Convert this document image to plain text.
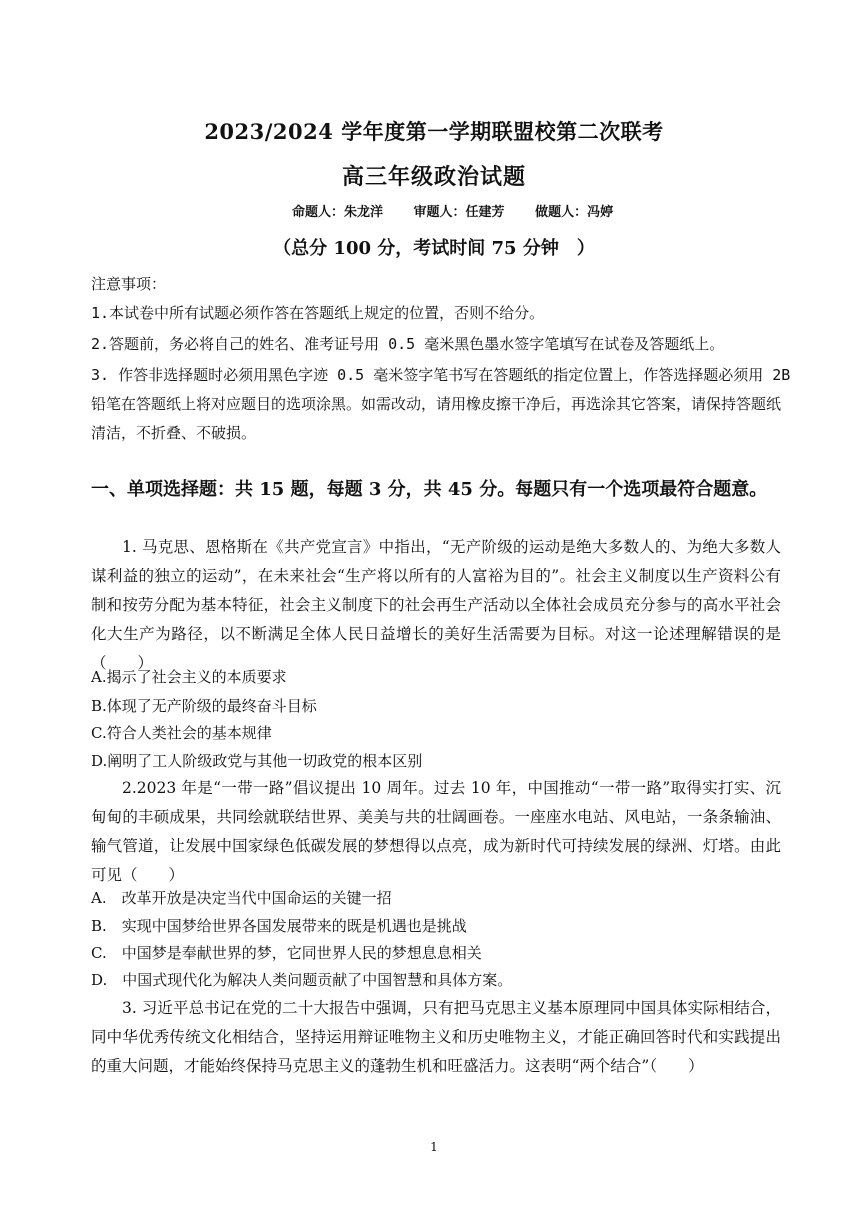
2023/2024 学年度第一学期联盟校第二次联考
高三年级政治试题
命题人：朱龙洋 审题人：任建芳 做题人：冯婷
（总分 100 分，考试时间 75 分钟　）
注意事项：
1.本试卷中所有试题必须作答在答题纸上规定的位置，否则不给分。
2.答题前，务必将自己的姓名、准考证号用 0.5 毫米黑色墨水签字笔填写在试卷及答题纸上。
3. 作答非选择题时必须用黑色字迹 0.5 毫米签字笔书写在答题纸的指定位置上，作答选择题必须用 2B 铅笔在答题纸上将对应题目的选项涂黑。如需改动，请用橡皮擦干净后，再选涂其它答案，请保持答题纸清洁，不折叠、不破损。
一、单项选择题：共 15 题，每题 3 分，共 45 分。每题只有一个选项最符合题意。
1. 马克思、恩格斯在《共产党宣言》中指出，“无产阶级的运动是绝大多数人的、为绝大多数人谋利益的独立的运动”，在未来社会“生产将以所有的人富裕为目的”。社会主义制度以生产资料公有制和按劳分配为基本特征，社会主义制度下的社会再生产活动以全体社会成员充分参与的高水平社会化大生产为路径，以不断满足全体人民日益增长的美好生活需要为目标。对这一论述理解错误的是（　　）
A.揭示了社会主义的本质要求
B.体现了无产阶级的最终奋斗目标
C.符合人类社会的基本规律
D.阐明了工人阶级政党与其他一切政党的根本区别
2.2023 年是“一带一路”倡议提出 10 周年。过去 10 年，中国推动“一带一路”取得实打实、沉甸甸的丰硕成果，共同绘就联结世界、美美与共的壮阔画卷。一座座水电站、风电站，一条条输油、输气管道，让发展中国家绿色低碳发展的梦想得以点亮，成为新时代可持续发展的绿洲、灯塔。由此可见（　　）
A.　改革开放是决定当代中国命运的关键一招
B.　实现中国梦给世界各国发展带来的既是机遇也是挑战
C.　中国梦是奉献世界的梦，它同世界人民的梦想息息相关
D.　中国式现代化为解决人类问题贡献了中国智慧和具体方案。
3. 习近平总书记在党的二十大报告中强调，只有把马克思主义基本原理同中国具体实际相结合，同中华优秀传统文化相结合，坚持运用辩证唯物主义和历史唯物主义，才能正确回答时代和实践提出的重大问题，才能始终保持马克思主义的蓬勃生机和旺盛活力。这表明“两个结合”（　　）
1
